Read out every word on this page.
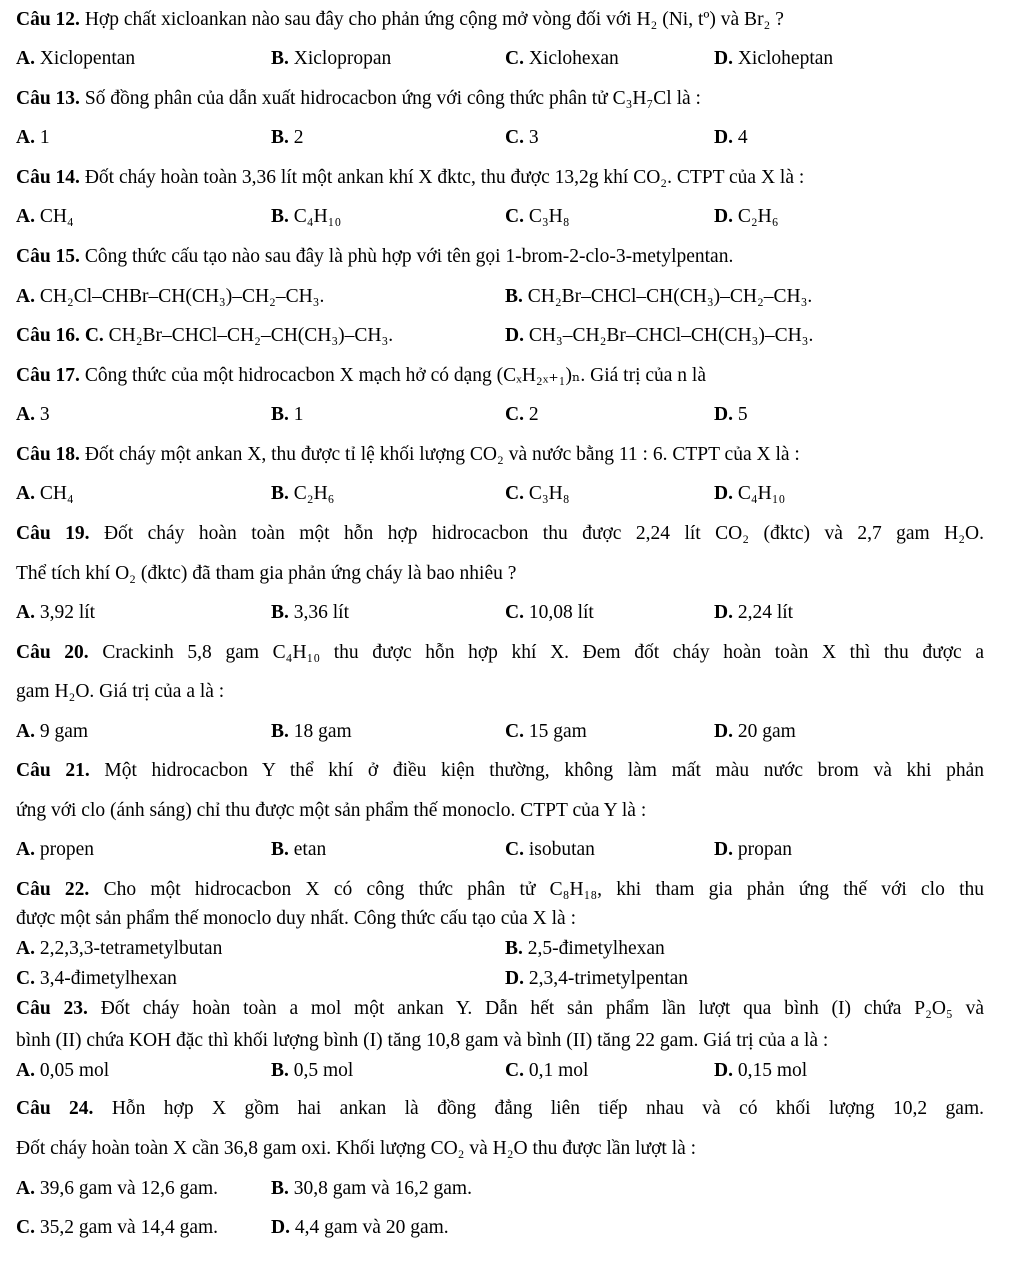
Câu 12. Hợp chất xicloankan nào sau đây cho phản ứng cộng mở vòng đối với H₂ (Ni, tº) và Br₂ ?
A. Xiclopentan	B. Xiclopropan	C. Xiclohexan	D. Xicloheptan
Câu 13. Số đồng phân của dẫn xuất hidrocacbon ứng với công thức phân tử C₃H₇Cl là :
A. 1	B. 2	C. 3	D. 4
Câu 14. Đốt cháy hoàn toàn 3,36 lít một ankan khí X đktc, thu được 13,2g khí CO₂. CTPT của X là :
A. CH₄	B. C₄H₁₀	C. C₃H₈	D. C₂H₆
Câu 15. Công thức cấu tạo nào sau đây là phù hợp với tên gọi 1-brom-2-clo-3-metylpentan.
A. CH₂Cl–CHBr–CH(CH₃)–CH₂–CH₃.	B. CH₂Br–CHCl–CH(CH₃)–CH₂–CH₃.
Câu 16. C. CH₂Br–CHCl–CH₂–CH(CH₃)–CH₃.	D. CH₃–CH₂Br–CHCl–CH(CH₃)–CH₃.
Câu 17. Công thức của một hidrocacbon X mạch hở có dạng (CₓH₂ₓ₊₁)ₙ. Giá trị của n là
A. 3	B. 1	C. 2	D. 5
Câu 18. Đốt cháy một ankan X, thu được tỉ lệ khối lượng CO₂ và nước bằng 11 : 6. CTPT của X là :
A. CH₄	B. C₂H₆	C. C₃H₈	D. C₄H₁₀
Câu 19. Đốt cháy hoàn toàn một hỗn hợp hidrocacbon thu được 2,24 lít CO₂ (đktc) và 2,7 gam H₂O.
Thể tích khí O₂ (đktc) đã tham gia phản ứng cháy là bao nhiêu ?
A. 3,92 lít	B. 3,36 lít	C. 10,08 lít	D. 2,24 lít
Câu 20. Crackinh 5,8 gam C₄H₁₀ thu được hỗn hợp khí X. Đem đốt cháy hoàn toàn X thì thu được a
gam H₂O. Giá trị của a là :
A. 9 gam	B. 18 gam	C. 15 gam	D. 20 gam
Câu 21. Một hidrocacbon Y thể khí ở điều kiện thường, không làm mất màu nước brom và khi phản
ứng với clo (ánh sáng) chỉ thu được một sản phẩm thế monoclo. CTPT của Y là :
A. propen	B. etan	C. isobutan	D. propan
Câu 22. Cho một hidrocacbon X có công thức phân tử C₈H₁₈, khi tham gia phản ứng thế với clo thu
được một sản phẩm thế monoclo duy nhất. Công thức cấu tạo của X là :
A. 2,2,3,3-tetrametylbutan	B. 2,5-đimetylhexan
C. 3,4-đimetylhexan	D. 2,3,4-trimetylpentan
Câu 23. Đốt cháy hoàn toàn a mol một ankan Y. Dẫn hết sản phẩm lần lượt qua bình (I) chứa P₂O₅ và
bình (II) chứa KOH đặc thì khối lượng bình (I) tăng 10,8 gam và bình (II) tăng 22 gam. Giá trị của a là :
A. 0,05 mol	B. 0,5 mol	C. 0,1 mol	D. 0,15 mol
Câu 24. Hỗn hợp X gồm hai ankan là đồng đẳng liên tiếp nhau và có khối lượng 10,2 gam.
Đốt cháy hoàn toàn X cần 36,8 gam oxi. Khối lượng CO₂ và H₂O thu được lần lượt là :
A. 39,6 gam và 12,6 gam.	B. 30,8 gam và 16,2 gam.
C. 35,2 gam và 14,4 gam.	D. 4,4 gam và 20 gam.
